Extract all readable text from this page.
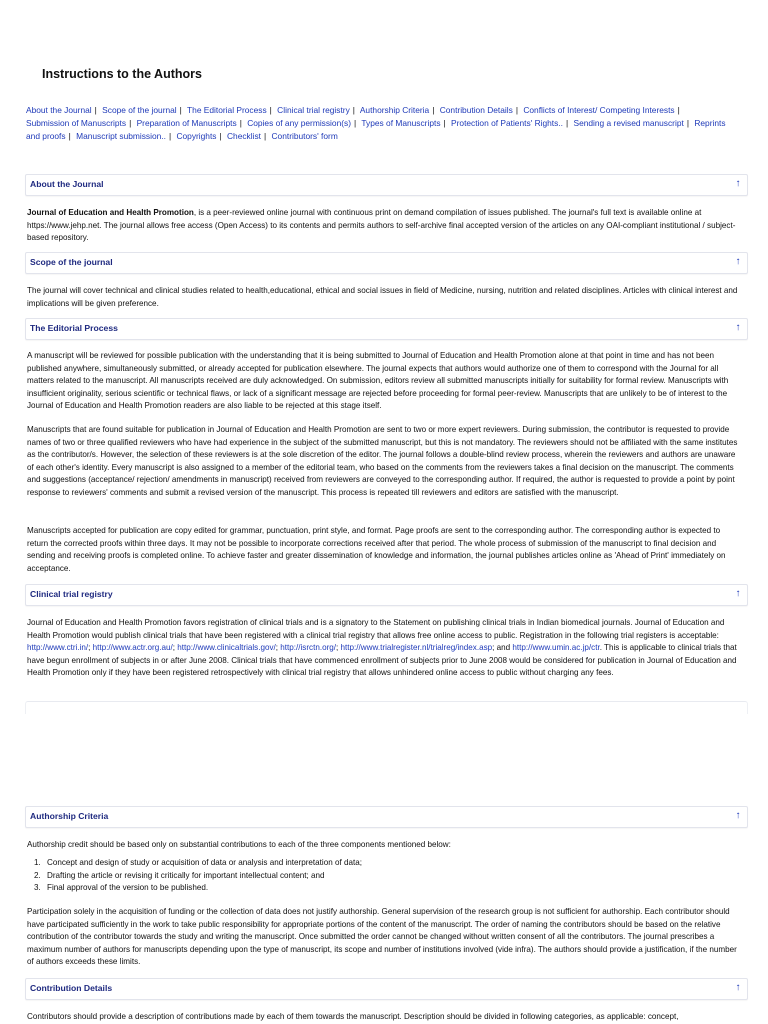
Instructions to the Authors
About the Journal | Scope of the journal | The Editorial Process | Clinical trial registry | Authorship Criteria | Contribution Details | Conflicts of Interest/ Competing Interests | Submission of Manuscripts | Preparation of Manuscripts | Copies of any permission(s) | Types of Manuscripts | Protection of Patients' Rights.. | Sending a revised manuscript | Reprints and proofs | Manuscript submission.. | Copyrights | Checklist | Contributors' form
About the Journal	↑

Journal of Education and Health Promotion, is a peer-reviewed online journal with continuous print on demand compilation of issues published. The journal's full text is available online at https://www.jehp.net. The journal allows free access (Open Access) to its contents and permits authors to self-archive final accepted version of the articles on any OAI-compliant institutional / subject-based repository.

Scope of the journal	↑

The journal will cover technical and clinical studies related to health,educational, ethical and social issues in field of Medicine, nursing, nutrition and related disciplines. Articles with clinical interest and implications will be given preference.

The Editorial Process	↑

A manuscript will be reviewed for possible publication with the understanding that it is being submitted to Journal of Education and Health Promotion alone at that point in time and has not been published anywhere, simultaneously submitted, or already accepted for publication elsewhere. The journal expects that authors would authorize one of them to correspond with the Journal for all matters related to the manuscript. All manuscripts received are duly acknowledged. On submission, editors review all submitted manuscripts initially for suitability for formal review. Manuscripts with insufficient originality, serious scientific or technical flaws, or lack of a significant message are rejected before proceeding for formal peer-review. Manuscripts that are unlikely to be of interest to the Journal of Education and Health Promotion readers are also liable to be rejected at this stage itself.

Manuscripts that are found suitable for publication in Journal of Education and Health Promotion are sent to two or more expert reviewers. During submission, the contributor is requested to provide names of two or three qualified reviewers who have had experience in the subject of the submitted manuscript, but this is not mandatory. The reviewers should not be affiliated with the same institutes as the contributor/s. However, the selection of these reviewers is at the sole discretion of the editor. The journal follows a double-blind review process, wherein the reviewers and authors are unaware of each other's identity. Every manuscript is also assigned to a member of the editorial team, who based on the comments from the reviewers takes a final decision on the manuscript. The comments and suggestions (acceptance/ rejection/ amendments in manuscript) received from reviewers are conveyed to the corresponding author. If required, the author is requested to provide a point by point response to reviewers' comments and submit a revised version of the manuscript. This process is repeated till reviewers and editors are satisfied with the manuscript.

Manuscripts accepted for publication are copy edited for grammar, punctuation, print style, and format. Page proofs are sent to the corresponding author. The corresponding author is expected to return the corrected proofs within three days. It may not be possible to incorporate corrections received after that period. The whole process of submission of the manuscript to final decision and sending and receiving proofs is completed online. To achieve faster and greater dissemination of knowledge and information, the journal publishes articles online as 'Ahead of Print' immediately on acceptance.

Clinical trial registry	↑

Journal of Education and Health Promotion favors registration of clinical trials and is a signatory to the Statement on publishing clinical trials in Indian biomedical journals. Journal of Education and Health Promotion would publish clinical trials that have been registered with a clinical trial registry that allows free online access to public. Registration in the following trial registers is acceptable: http://www.ctri.in/; http://www.actr.org.au/; http://www.clinicaltrials.gov/; http://isrctn.org/; http://www.trialregister.nl/trialreg/index.asp; and http://www.umin.ac.jp/ctr. This is applicable to clinical trials that have begun enrollment of subjects in or after June 2008. Clinical trials that have commenced enrollment of subjects prior to June 2008 would be considered for publication in Journal of Education and Health Promotion only if they have been registered retrospectively with clinical trial registry that allows unhindered online access to public without charging any fees.

Authorship Criteria	↑

Authorship credit should be based only on substantial contributions to each of the three components mentioned below:

1. Concept and design of study or acquisition of data or analysis and interpretation of data;
2. Drafting the article or revising it critically for important intellectual content; and
3. Final approval of the version to be published.

Participation solely in the acquisition of funding or the collection of data does not justify authorship. General supervision of the research group is not sufficient for authorship. Each contributor should have participated sufficiently in the work to take public responsibility for appropriate portions of the content of the manuscript. The order of naming the contributors should be based on the relative contribution of the contributor towards the study and writing the manuscript. Once submitted the order cannot be changed without written consent of all the contributors. The journal prescribes a maximum number of authors for manuscripts depending upon the type of manuscript, its scope and number of institutions involved (vide infra). The authors should provide a justification, if the number of authors exceeds these limits.

Contribution Details	↑

Contributors should provide a description of contributions made by each of them towards the manuscript. Description should be divided in following categories, as applicable: concept,
